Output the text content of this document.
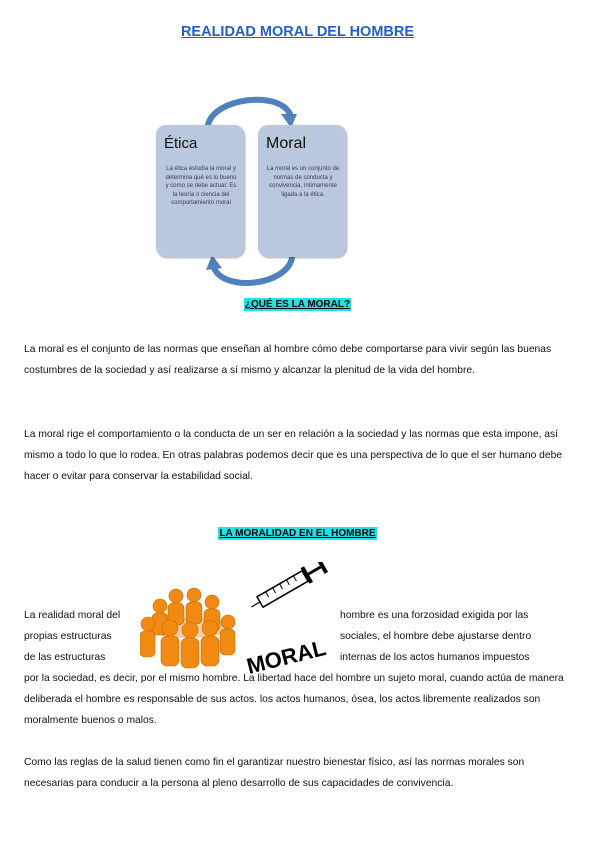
REALIDAD MORAL DEL HOMBRE
Ética
La ética estudia la moral y determina qué es lo bueno y como se debe actuar. Es la teoría o ciencia del comportamiento moral
Moral
La moral es un conjunto de normas de conducta y convivencia, íntimamente ligada a la ética.
¿QUÉ ES LA MORAL?

La moral es el conjunto de las normas que enseñan al hombre cómo debe comportarse para vivir según las buenas costumbres de la sociedad y así realizarse a sí mismo y alcanzar la plenitud de la vida del hombre.

La moral rige el comportamiento o la conducta de un ser en relación a la sociedad y las normas que esta impone, así mismo a todo lo que lo rodea. En otras palabras podemos decir que es una perspectiva de lo que el ser humano debe hacer o evitar para conservar la estabilidad social.

LA MORALIDAD EN EL HOMBRE
MORAL
La realidad moral del	hombre es una forzosidad exigida por las
propias estructuras	sociales, el hombre debe ajustarse dentro
de las estructuras	internas de los actos humanos impuestos

por la sociedad, es decir, por el mismo hombre. La libertad hace del hombre un sujeto moral, cuando actúa de manera deliberada el hombre es responsable de sus actos. los actos humanos, ósea, los actos libremente realizados son moralmente buenos o malos.

Como las reglas de la salud tienen como fin el garantizar nuestro bienestar físico, así las normas morales son necesarias para conducir a la persona al pleno desarrollo de sus capacidades de convivencia.
